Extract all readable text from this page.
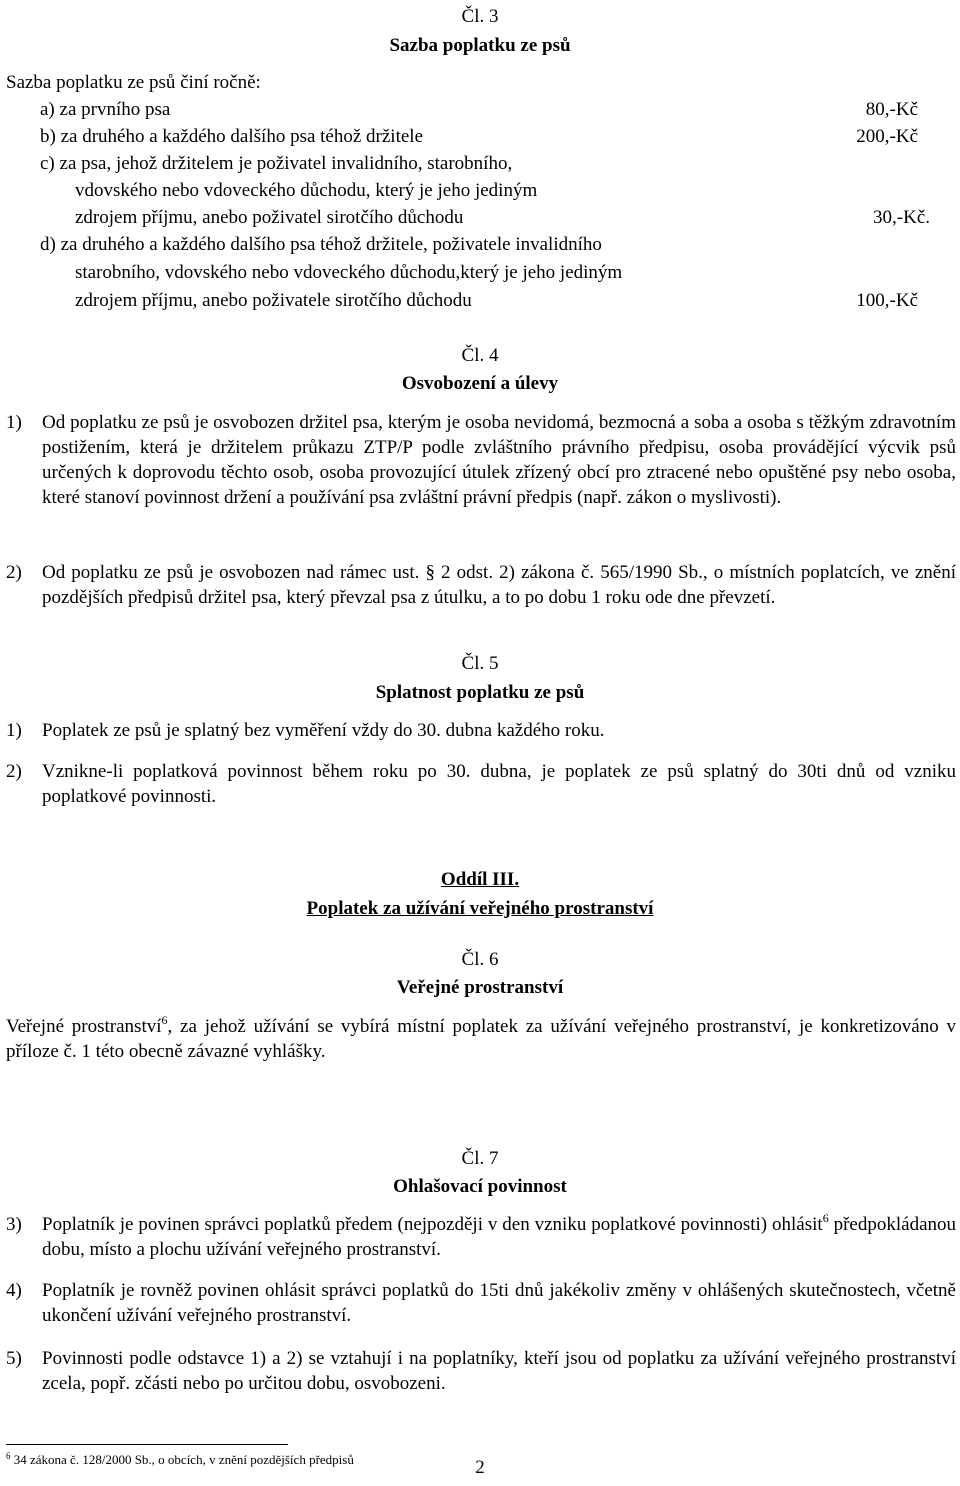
Čl. 3
Sazba poplatku ze psů
Sazba poplatku ze psů činí ročně:
a) za prvního psa	80,-Kč
b) za druhého a každého dalšího psa téhož držitele	200,-Kč
c) za psa, jehož držitelem je poživatel invalidního, starobního,
vdovského nebo vdoveckého důchodu, který je jeho jediným
zdrojem příjmu, anebo poživatel sirotčího důchodu	30,-Kč.
d) za druhého a každého dalšího psa téhož držitele, poživatele invalidního
starobního, vdovského nebo vdoveckého důchodu,který je jeho jediným
zdrojem příjmu, anebo poživatele sirotčího důchodu	100,-Kč
Čl. 4
Osvobození a úlevy
1) Od poplatku ze psů je osvobozen držitel psa, kterým je osoba nevidomá, bezmocná a soba a osoba s těžkým zdravotním postižením, která je držitelem průkazu ZTP/P podle zvláštního právního předpisu, osoba provádějící výcvik psů určených k doprovodu těchto osob, osoba provozující útulek zřízený obcí pro ztracené nebo opuštěné psy nebo osoba, které stanoví povinnost držení a používání psa zvláštní právní předpis (např. zákon o myslivosti).
2) Od poplatku ze psů je osvobozen nad rámec ust. § 2 odst. 2) zákona č. 565/1990 Sb., o místních poplatcích, ve znění pozdějších předpisů držitel psa, který převzal psa z útulku, a to po dobu 1 roku ode dne převzetí.
Čl. 5
Splatnost poplatku ze psů
1) Poplatek ze psů je splatný bez vyměření vždy do 30. dubna každého roku.
2) Vznikne-li poplatková povinnost během roku po 30. dubna, je poplatek ze psů splatný do 30ti dnů od vzniku poplatkové povinnosti.
Oddíl III.
Poplatek za užívání veřejného prostranství
Čl. 6
Veřejné prostranství
Veřejné prostranství$^6$, za jehož užívání se vybírá místní poplatek za užívání veřejného prostranství, je konkretizováno v příloze č. 1 této obecně závazné vyhlášky.
Čl. 7
Ohlašovací povinnost
3) Poplatník je povinen správci poplatků předem (nejpozději v den vzniku poplatkové povinnosti) ohlásit$^6$ předpokládanou dobu, místo a plochu užívání veřejného prostranství.
4) Poplatník je rovněž povinen ohlásit správci poplatků do 15ti dnů jakékoliv změny v ohlášených skutečnostech, včetně ukončení užívání veřejného prostranství.
5) Povinnosti podle odstavce 1) a 2) se vztahují i na poplatníky, kteří jsou od poplatku za užívání veřejného prostranství zcela, popř. zčásti nebo po určitou dobu, osvobozeni.
$^6$ 34 zákona č. 128/2000 Sb., o obcích, v znění pozdějších předpisů	2
